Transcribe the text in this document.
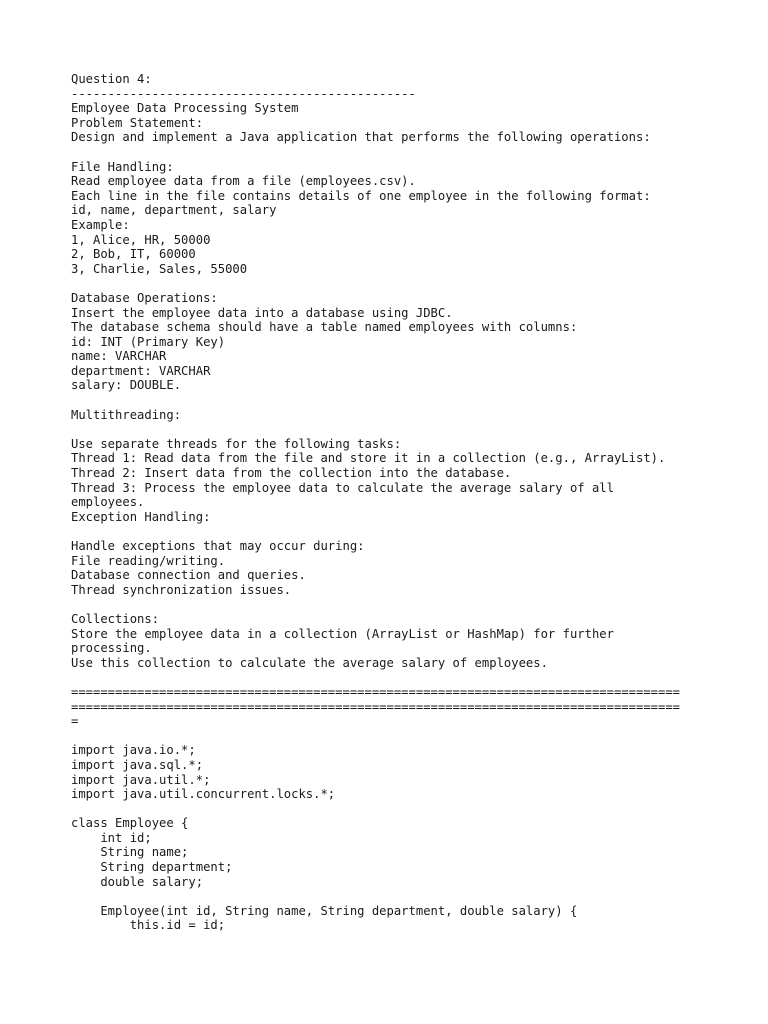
Question 4:

-----------------------------------------------

Employee Data Processing System

Problem Statement:

Design and implement a Java application that performs the following operations:

File Handling:

Read employee data from a file (employees.csv).

Each line in the file contains details of one employee in the following format:

id, name, department, salary

Example:

1, Alice, HR, 50000

2, Bob, IT, 60000

3, Charlie, Sales, 55000

Database Operations:

Insert the employee data into a database using JDBC.

The database schema should have a table named employees with columns:

id: INT (Primary Key)

name: VARCHAR

department: VARCHAR

salary: DOUBLE.

Multithreading:

Use separate threads for the following tasks:

Thread 1: Read data from the file and store it in a collection (e.g., ArrayList).

Thread 2: Insert data from the collection into the database.

Thread 3: Process the employee data to calculate the average salary of all

employees.

Exception Handling:

Handle exceptions that may occur during:

File reading/writing.

Database connection and queries.

Thread synchronization issues.

Collections:

Store the employee data in a collection (ArrayList or HashMap) for further

processing.

Use this collection to calculate the average salary of employees.

===================================================================================

===================================================================================

=

import java.io.*;

import java.sql.*;

import java.util.*;

import java.util.concurrent.locks.*;

class Employee {

int id;

String name;

String department;

double salary;

Employee(int id, String name, String department, double salary) {

this.id = id;
